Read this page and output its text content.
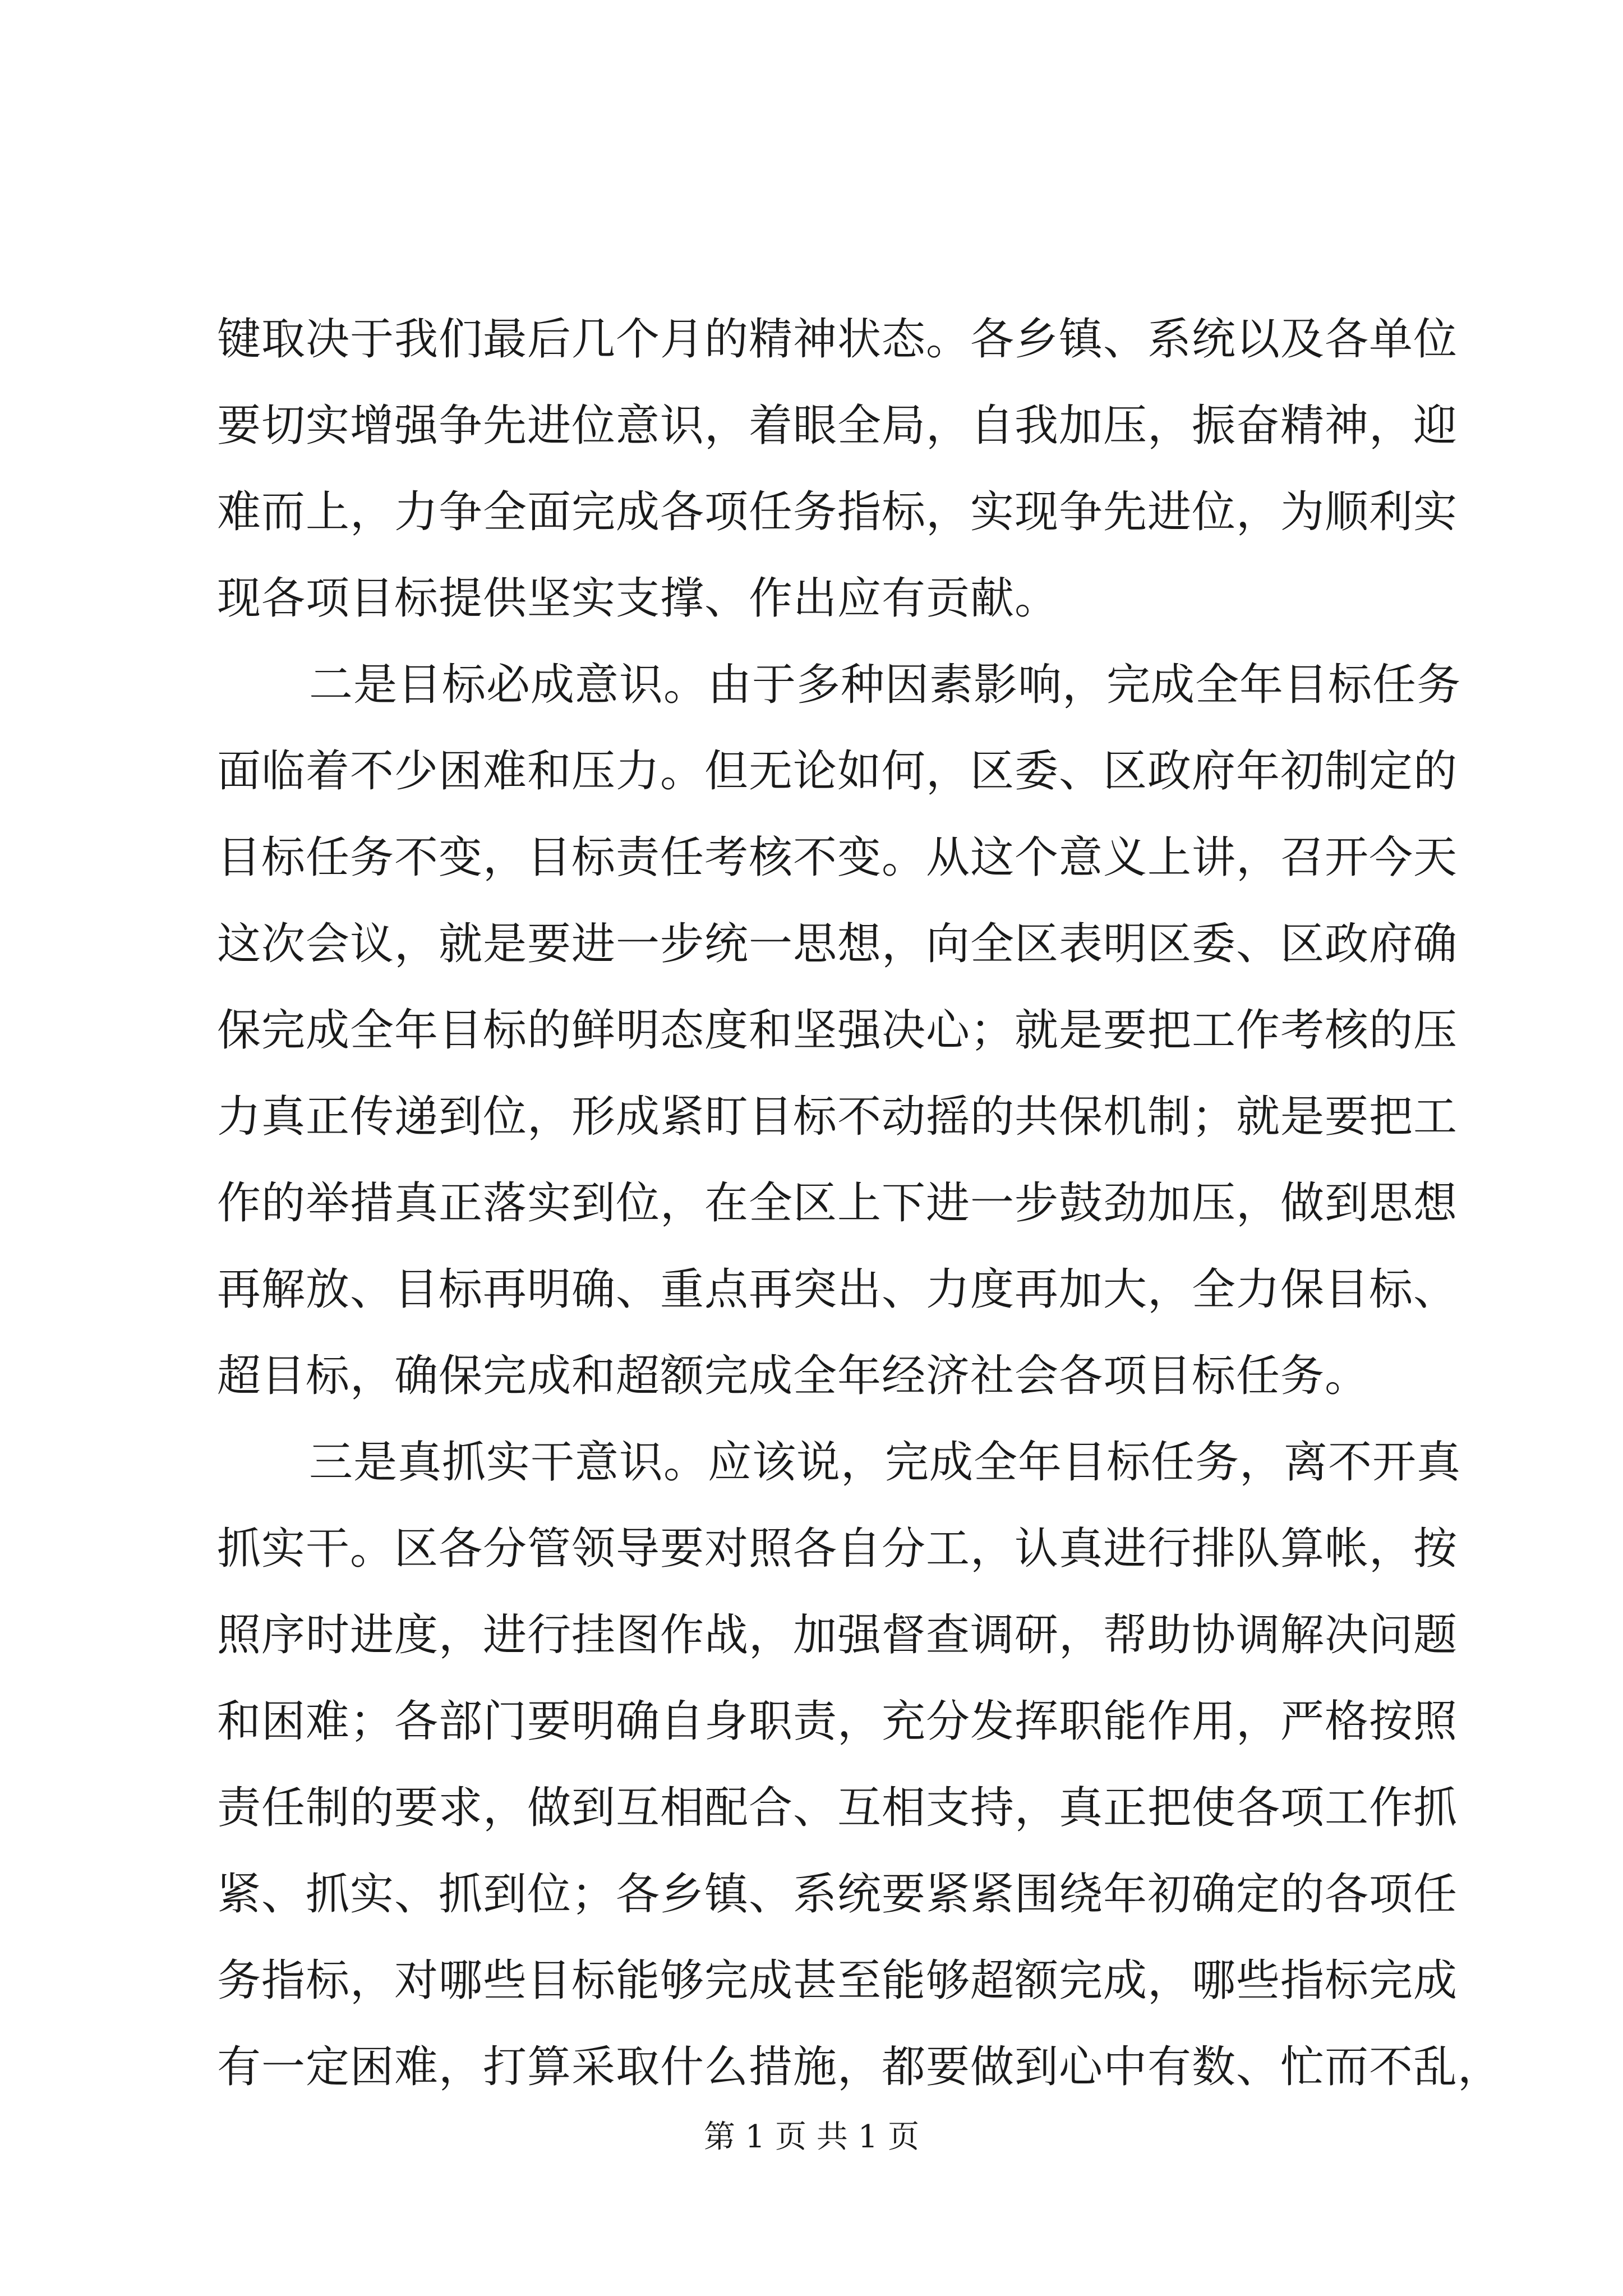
键取决于我们最后几个月的精神状态。各乡镇、系统以及各单位
要切实增强争先进位意识，着眼全局，自我加压，振奋精神，迎
难而上，力争全面完成各项任务指标，实现争先进位，为顺利实
现各项目标提供坚实支撑、作出应有贡献。
二是目标必成意识。由于多种因素影响，完成全年目标任务
面临着不少困难和压力。但无论如何，区委、区政府年初制定的
目标任务不变，目标责任考核不变。从这个意义上讲，召开今天
这次会议，就是要进一步统一思想，向全区表明区委、区政府确
保完成全年目标的鲜明态度和坚强决心；就是要把工作考核的压
力真正传递到位，形成紧盯目标不动摇的共保机制；就是要把工
作的举措真正落实到位，在全区上下进一步鼓劲加压，做到思想
再解放、目标再明确、重点再突出、力度再加大，全力保目标、
超目标，确保完成和超额完成全年经济社会各项目标任务。
三是真抓实干意识。应该说，完成全年目标任务，离不开真
抓实干。区各分管领导要对照各自分工，认真进行排队算帐，按
照序时进度，进行挂图作战，加强督查调研，帮助协调解决问题
和困难；各部门要明确自身职责，充分发挥职能作用，严格按照
责任制的要求，做到互相配合、互相支持，真正把使各项工作抓
紧、抓实、抓到位；各乡镇、系统要紧紧围绕年初确定的各项任
务指标，对哪些目标能够完成甚至能够超额完成，哪些指标完成
有一定困难，打算采取什么措施，都要做到心中有数、忙而不乱，
第 1 页 共 1 页
